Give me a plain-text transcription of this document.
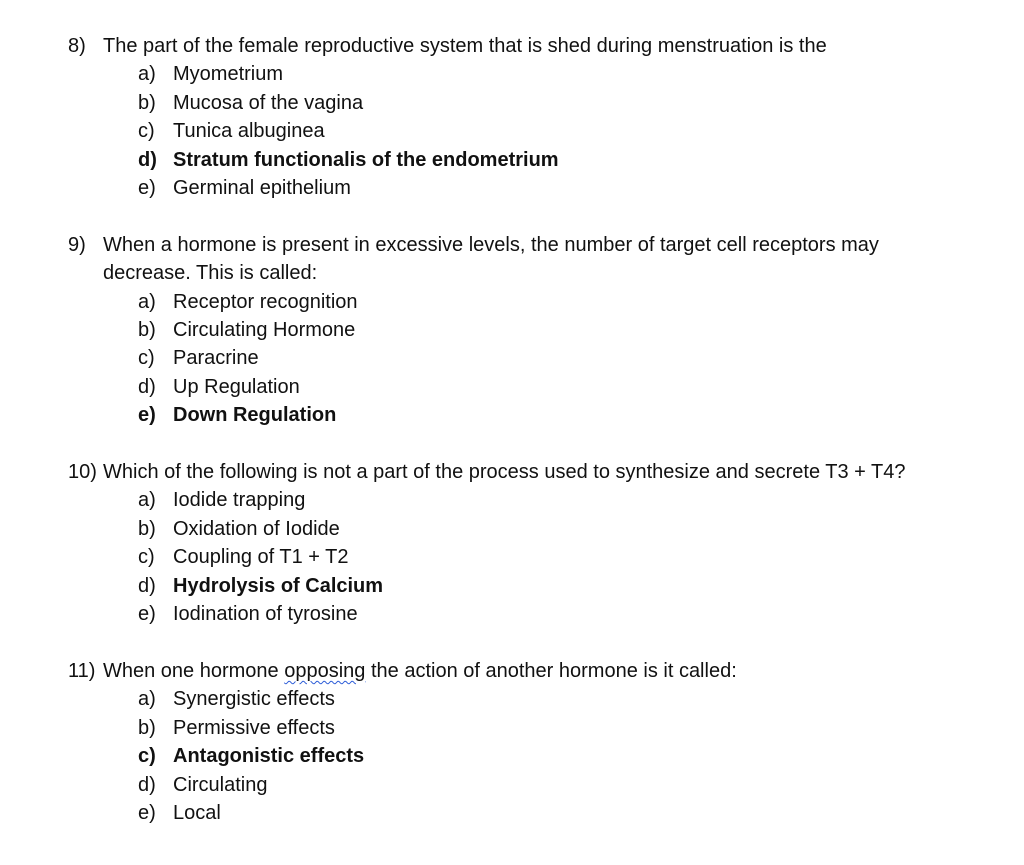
8) The part of the female reproductive system that is shed during menstruation is the
a) Myometrium
b) Mucosa of the vagina
c) Tunica albuginea
d) Stratum functionalis of the endometrium
e) Germinal epithelium
9) When a hormone is present in excessive levels, the number of target cell receptors may decrease. This is called:
a) Receptor recognition
b) Circulating Hormone
c) Paracrine
d) Up Regulation
e) Down Regulation
10) Which of the following is not a part of the process used to synthesize and secrete T3 + T4?
a) Iodide trapping
b) Oxidation of Iodide
c) Coupling of T1 + T2
d) Hydrolysis of Calcium
e) Iodination of tyrosine
11) When one hormone opposing the action of another hormone is it called:
a) Synergistic effects
b) Permissive effects
c) Antagonistic effects
d) Circulating
e) Local
